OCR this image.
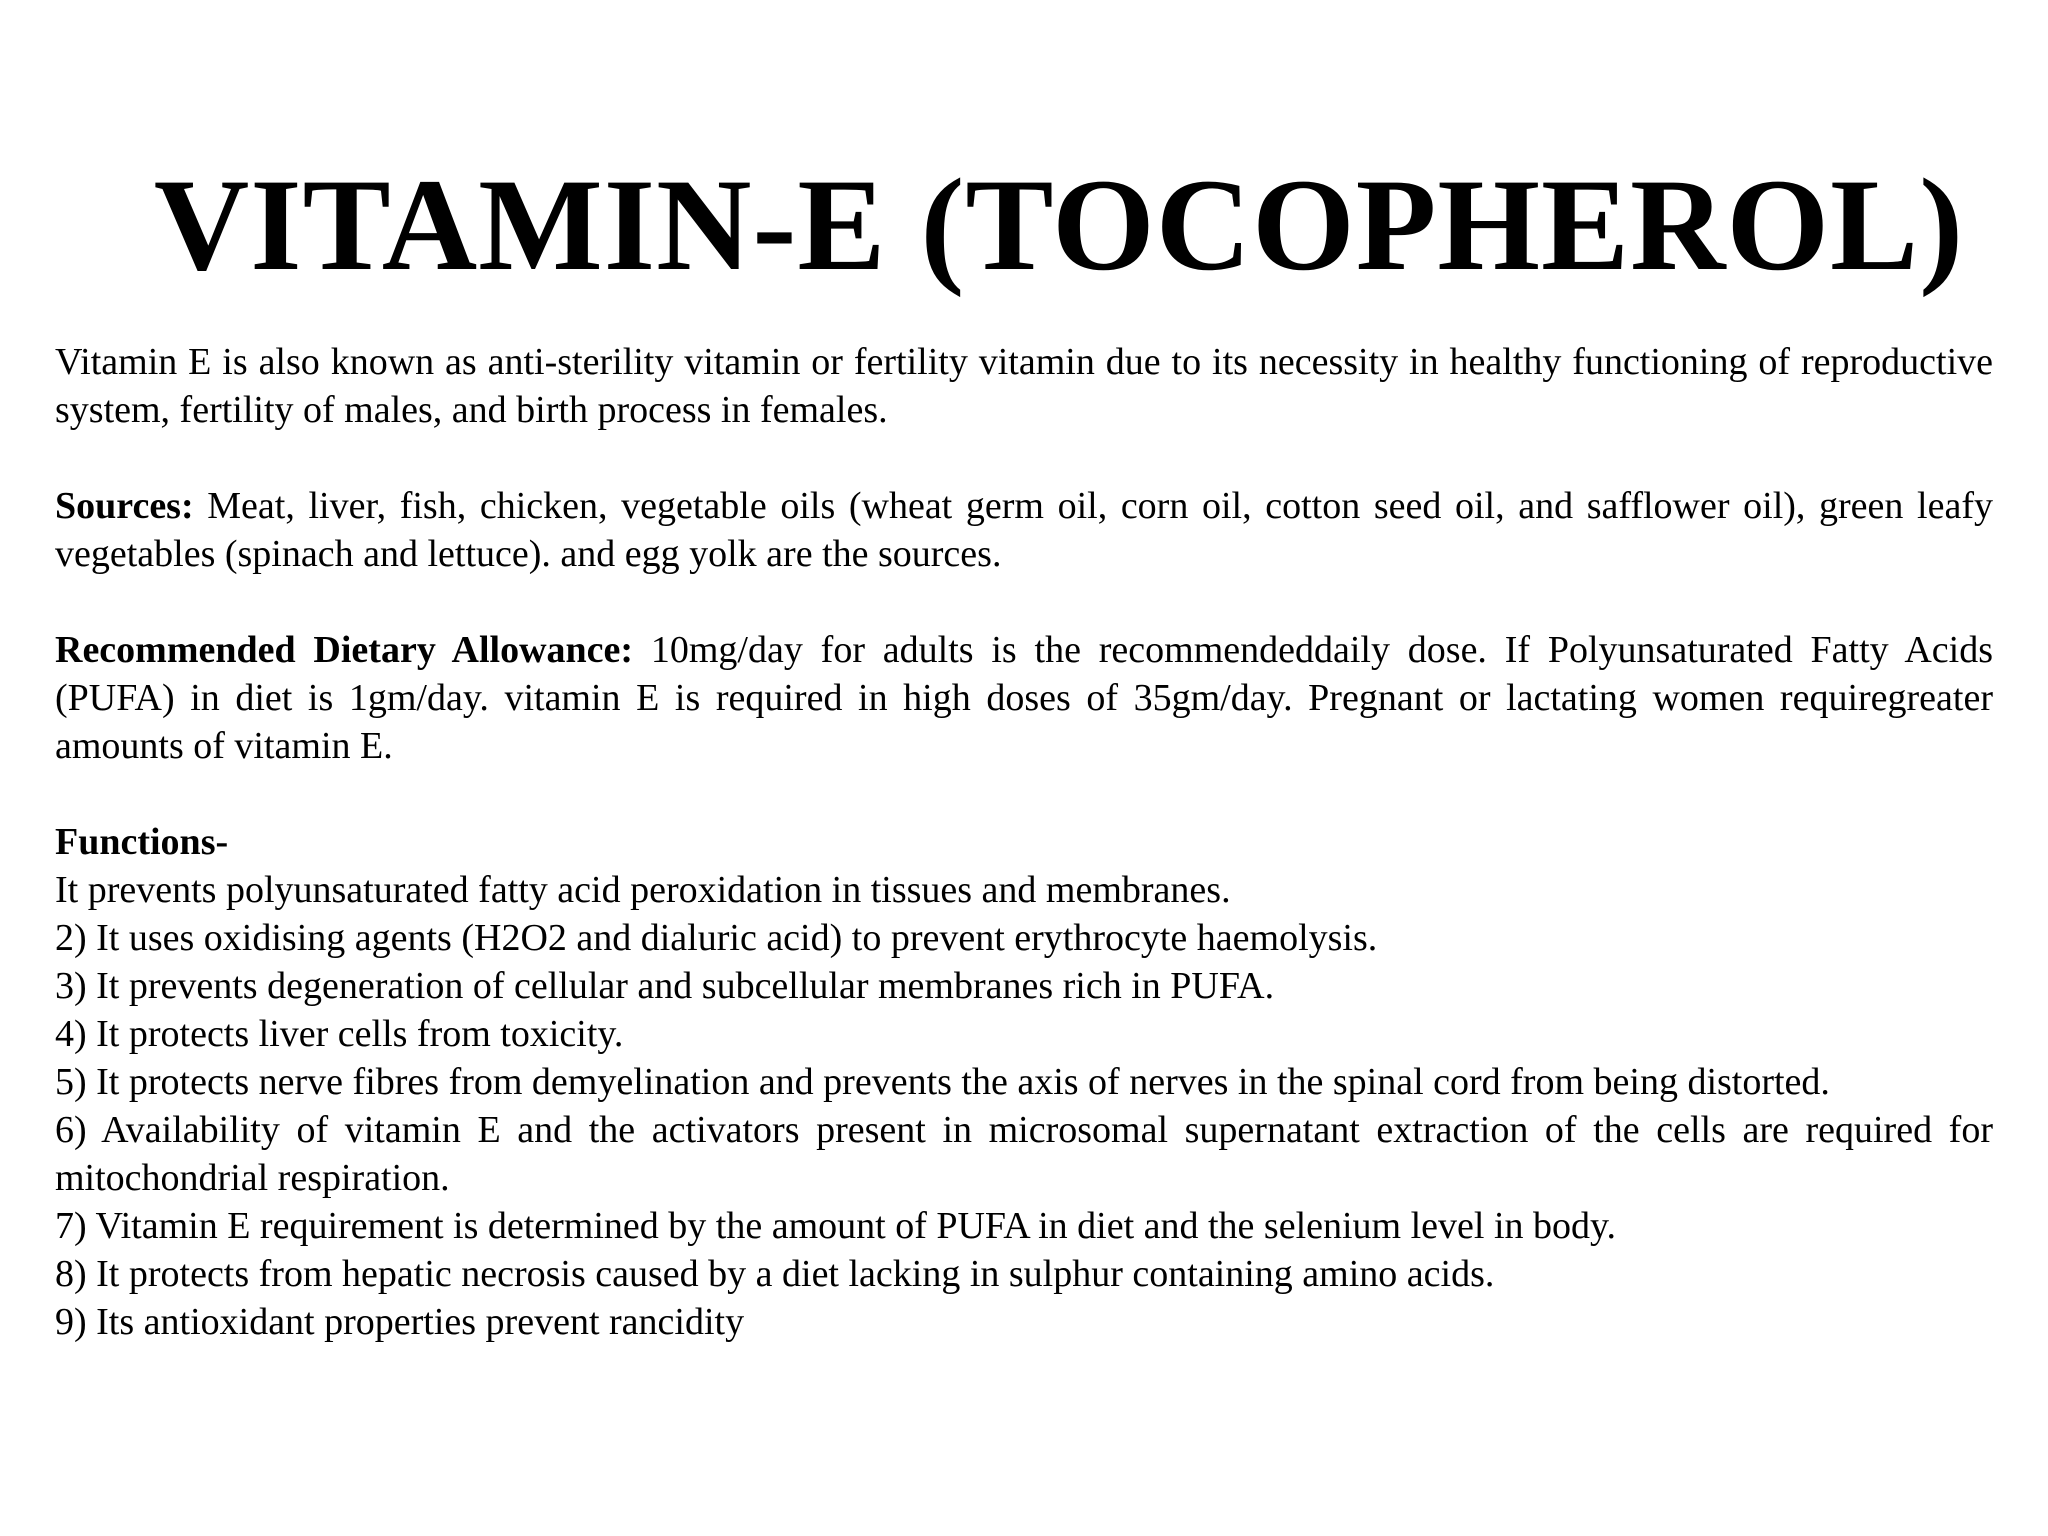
VITAMIN-E (TOCOPHEROL)

Vitamin E is also known as anti-sterility vitamin or fertility vitamin due to its necessity in healthy functioning of reproductive system, fertility of males, and birth process in females.

Sources: Meat, liver, fish, chicken, vegetable oils (wheat germ oil, corn oil, cotton seed oil, and safflower oil), green leafy vegetables (spinach and lettuce). and egg yolk are the sources.

Recommended Dietary Allowance: 10mg/day for adults is the recommendeddaily dose. If Polyunsaturated Fatty Acids (PUFA) in diet is 1gm/day. vitamin E is required in high doses of 35gm/day. Pregnant or lactating women requiregreater amounts of vitamin E.

Functions-

It prevents polyunsaturated fatty acid peroxidation in tissues and membranes.

2) It uses oxidising agents (H2O2 and dialuric acid) to prevent erythrocyte haemolysis.

3) It prevents degeneration of cellular and subcellular membranes rich in PUFA.

4) It protects liver cells from toxicity.

5) It protects nerve fibres from demyelination and prevents the axis of nerves in the spinal cord from being distorted.

6) Availability of vitamin E and the activators present in microsomal supernatant extraction of the cells are required for mitochondrial respiration.

7) Vitamin E requirement is determined by the amount of PUFA in diet and the selenium level in body.

8) It protects from hepatic necrosis caused by a diet lacking in sulphur containing amino acids.

9) Its antioxidant properties prevent rancidity
